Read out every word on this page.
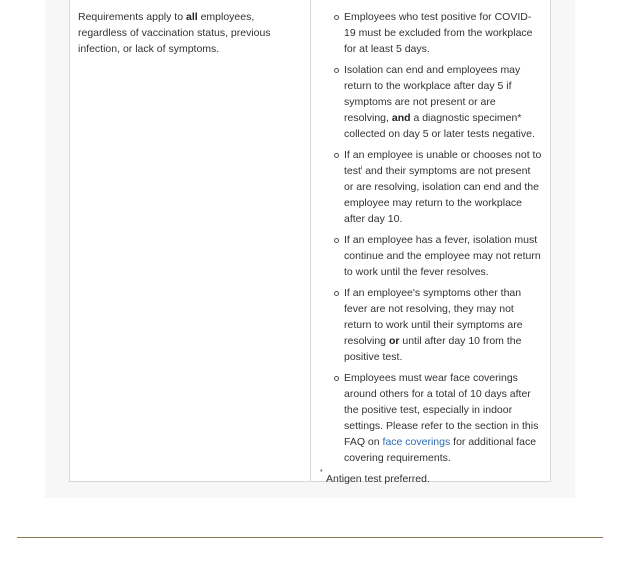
Requirements apply to all employees, regardless of vaccination status, previous infection, or lack of symptoms.

Employees who test positive for COVID-19 must be excluded from the workplace for at least 5 days.
Isolation can end and employees may return to the workplace after day 5 if symptoms are not present or are resolving, and a diagnostic specimen* collected on day 5 or later tests negative.
If an employee is unable or chooses not to test$^i$ and their symptoms are not present or are resolving, isolation can end and the employee may return to the workplace after day 10.
If an employee has a fever, isolation must continue and the employee may not return to work until the fever resolves.
If an employee's symptoms other than fever are not resolving, they may not return to work until their symptoms are resolving or until after day 10 from the positive test.
Employees must wear face coverings around others for a total of 10 days after the positive test, especially in indoor settings. Please refer to the section in this FAQ on face coverings for additional face covering requirements.

*
Antigen test preferred.
